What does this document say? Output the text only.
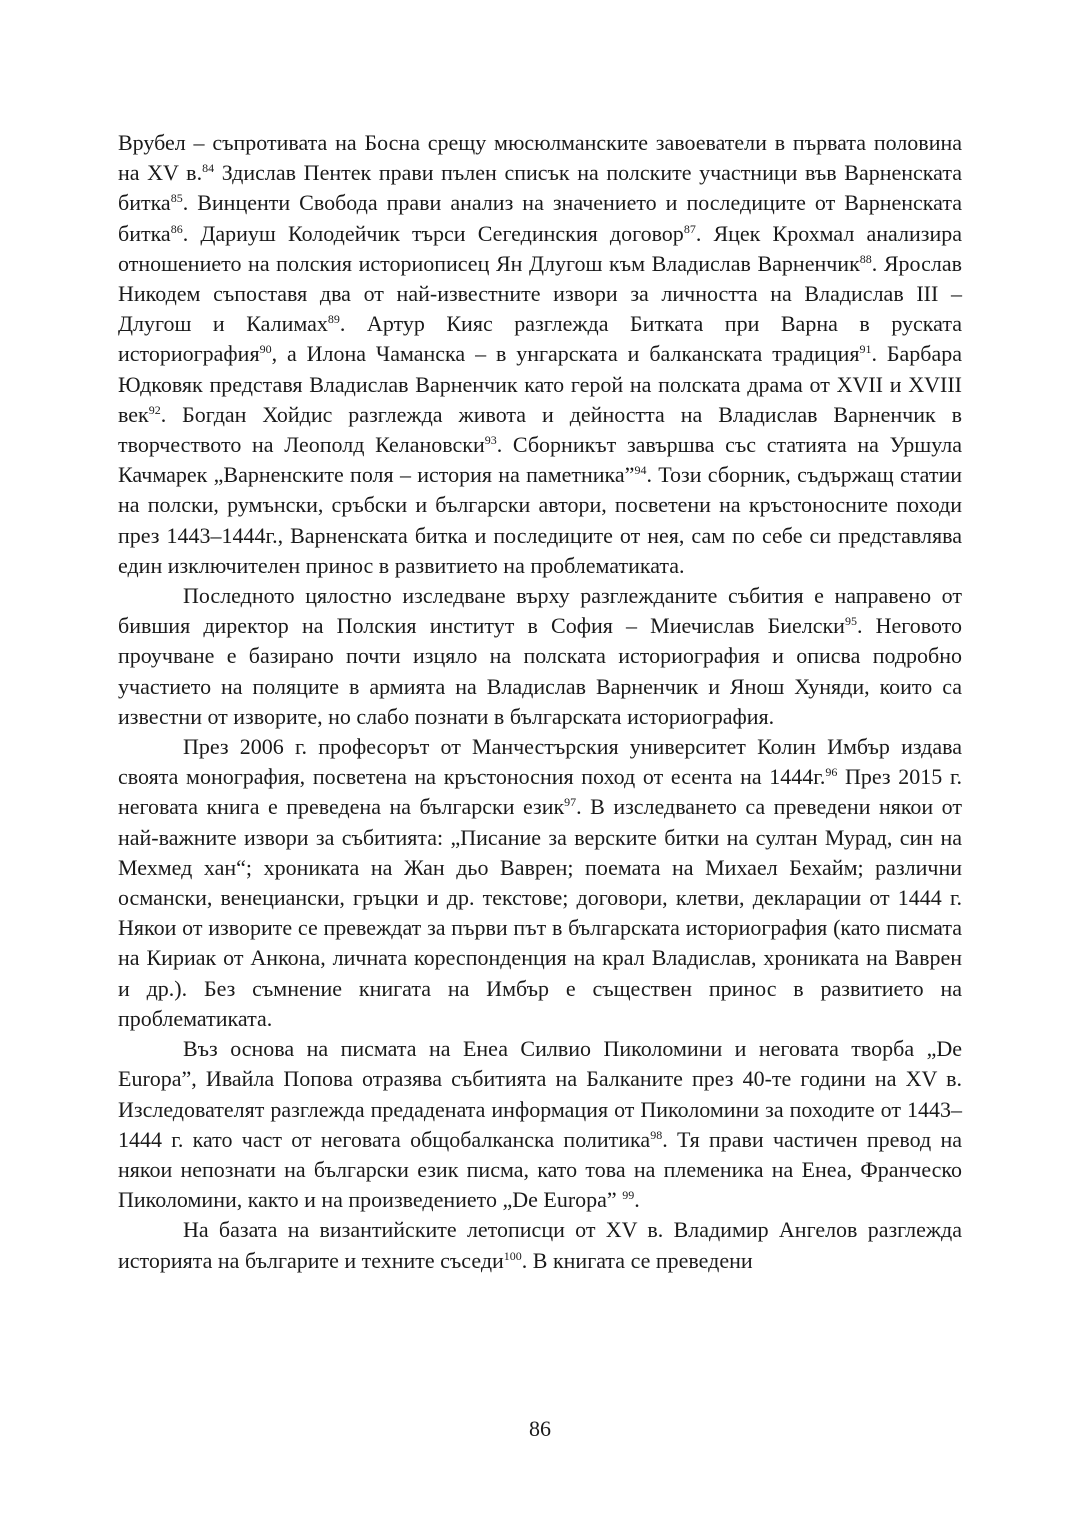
Врубел – съпротивата на Босна срещу мюсюлманските завоеватели в първата половина на XV в.$^{84}$ Здислав Пентек прави пълен списък на полските участници във Варненската битка$^{85}$. Винценти Свобода прави анализ на значението и последиците от Варненската битка$^{86}$. Дариуш Колодейчик търси Сегединския договор$^{87}$. Яцек Крохмал анализира отношението на полския историописец Ян Длугош към Владислав Варненчик$^{88}$. Ярослав Никодем съпоставя два от най-известните извори за личността на Владислав III – Длугош и Калимах$^{89}$. Артур Кияс разглежда Битката при Варна в руската историография$^{90}$, а Илона Чаманска – в унгарската и балканската традиция$^{91}$. Барбара Юдковяк представя Владислав Варненчик като герой на полската драма от XVII и XVIII век$^{92}$. Богдан Хойдис разглежда живота и дейността на Владислав Варненчик в творчеството на Леополд Келановски$^{93}$. Сборникът завършва със статията на Уршула Качмарек „Варненските поля – история на паметника”$^{94}$. Този сборник, съдържащ статии на полски, румънски, сръбски и български автори, посветени на кръстоносните походи през 1443–1444г., Варненската битка и последиците от нея, сам по себе си представлява един изключителен принос в развитието на проблематиката.

Последното цялостно изследване върху разглежданите събития е направено от бившия директор на Полския институт в София – Миечислав Биелски$^{95}$. Неговото проучване е базирано почти изцяло на полската историография и описва подробно участието на поляците в армията на Владислав Варненчик и Янош Хуняди, които са известни от изворите, но слабо познати в българската историография.

През 2006 г. професорът от Манчестърския университет Колин Имбър издава своята монография, посветена на кръстоносния поход от есента на 1444г.$^{96}$ През 2015 г. неговата книга е преведена на български език$^{97}$. В изследването са преведени някои от най-важните извори за събитията: „Писание за верските битки на султан Мурад, син на Мехмед хан“; хрониката на Жан дьо Ваврен; поемата на Михаел Бехайм; различни османски, венециански, гръцки и др. текстове; договори, клетви, декларации от 1444 г. Някои от изворите се превеждат за първи път в българската историография (като писмата на Кириак от Анкона, личната кореспонденция на крал Владислав, хрониката на Ваврен и др.). Без съмнение книгата на Имбър е съществен принос в развитието на проблематиката.

Въз основа на писмата на Енеа Силвио Пиколомини и неговата творба „De Europa”, Ивайла Попова отразява събитията на Балканите през 40-те години на XV в. Изследователят разглежда предадената информация от Пиколомини за походите от 1443–1444 г. като част от неговата общобалканска политика$^{98}$. Тя прави частичен превод на някои непознати на български език писма, като това на племеника на Енеа, Франческо Пиколомини, както и на произведението „De Europa” $^{99}$.

На базата на византийските летописци от XV в. Владимир Ангелов разглежда историята на българите и техните съседи$^{100}$. В книгата се преведени

86
